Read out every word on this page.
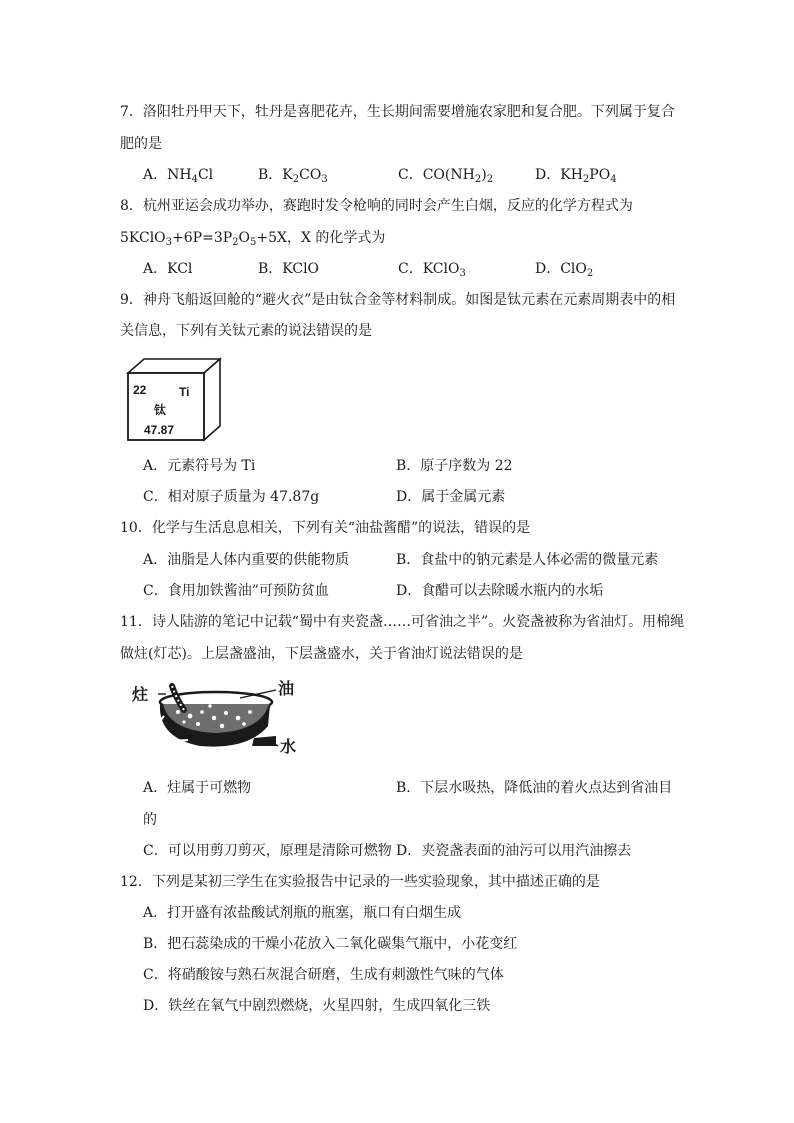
7．洛阳牡丹甲天下，牡丹是喜肥花卉，生长期间需要增施农家肥和复合肥。下列属于复合
肥的是
A．$NH_4Cl$	B．$K_2CO_3$	C．$CO(NH_2)_2$	D．$KH_2PO_4$
8．杭州亚运会成功举办，赛跑时发令枪响的同时会产生白烟，反应的化学方程式为
$5KClO_3+6P=3P_2O_5+5X$，X 的化学式为
A．KCl	B．KClO	C．KClO$_3$	D．ClO$_2$
9．神舟飞船返回舱的“避火衣”是由钛合金等材料制成。如图是钛元素在元素周期表中的相
关信息，下列有关钛元素的说法错误的是
22	Ti
钛
47.87
A．元素符号为 Ti	B．原子序数为 22
C．相对原子质量为 47.87g	D．属于金属元素
10．化学与生活息息相关，下列有关“油盐酱醋”的说法，错误的是
A．油脂是人体内重要的供能物质	B．食盐中的钠元素是人体必需的微量元素
C．食用加铁酱油”可预防贫血	D．食醋可以去除暖水瓶内的水垢
11．诗人陆游的笔记中记载“蜀中有夹瓷盏……可省油之半”。火瓷盏被称为省油灯。用棉绳
做炷(灯芯)。上层盏盛油，下层盏盛水，关于省油灯说法错误的是
炷	油
水
A．炷属于可燃物	B．下层水吸热，降低油的着火点达到省油目
的
C．可以用剪刀剪灭，原理是清除可燃物 D．夹瓷盏表面的油污可以用汽油擦去
12．下列是某初三学生在实验报告中记录的一些实验现象，其中描述正确的是
A．打开盛有浓盐酸试剂瓶的瓶塞，瓶口有白烟生成
B．把石蕊染成的干燥小花放入二氧化碳集气瓶中，小花变红
C．将硝酸铵与熟石灰混合研磨，生成有刺激性气味的气体
D．铁丝在氧气中剧烈燃烧，火星四射，生成四氧化三铁
